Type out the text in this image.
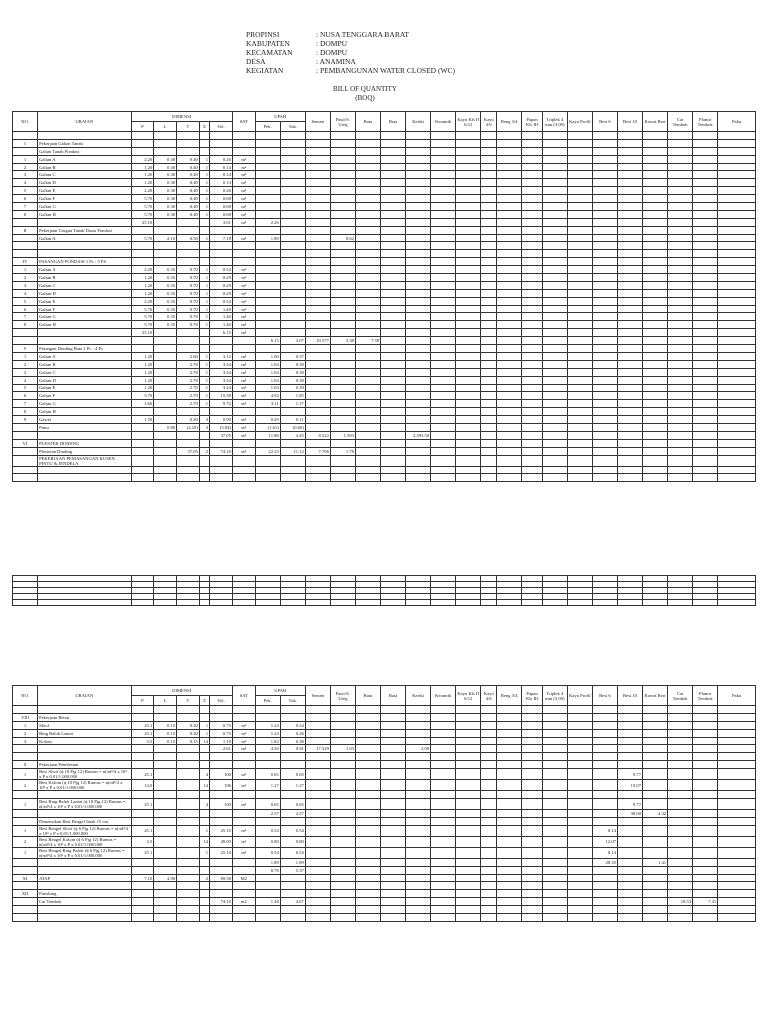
PROPINSI	: NUSA TENGGARA BARAT
KABUPATEN	: DOMPU
KECAMATAN	: DOMPU
DESA	: ANAMINA
KEGIATAN	: PEMBANGUNAN WATER CLOSED (WC)
BILL OF QUANTITY
(BOQ)
NO.	URAIAN	DIMENSI					SAT	UPAH		Semen	Pasir/S. Ureg	Batu	Bata	Keriki	Keramik	Kayu Kls II 6/12	Kayu 4/6	Reng 3/4	Papan Kls III	Triplek 4 mm (3.00)	Kayu Profil	Besi 6	Besi 10	Kawat Beri	Cat Tembok	Plamir Tembok	Paku
		P	L	T	Σ	Vol.		Pek.	Tuk.																		

I	Pekerjaan Galian Tanah																										
	Galian Tanah Pondasi																										
1	Galian A	2.20	0.30	0.40	1	0.26	m³																				
2	Galian B	1.20	0.30	0.40	1	0.14	m³																				
3	Galian C	1.20	0.30	0.40	1	0.14	m³																				
4	Galian D	1.20	0.30	0.40	1	0.14	m³																				
5	Galian E	2.20	0.30	0.40	1	0.26	m³																				
6	Galian F	5.70	0.30	0.40	1	0.68	m³																				
7	Galian G	5.70	0.30	0.40	1	0.68	m³																				
8	Galian H	5.70	0.30	0.40	1	0.68	m³																				
		25.10				3.01	m³	2.26																			
II	Pekerjaan Urugan Tanah Dasar Pondasi																										
	Galian A	5.70	2.10	0.50	1	7.18	m³	1.80			8.62																

IV	PASANGAN PONDASI 1 Pc : 5 PS																										
1	Galian A	2.20	0.35	0.70	1	0.54	m³																				
2	Galian B	1.20	0.35	0.70	1	0.29	m³																				
3	Galian C	1.20	0.35	0.70	1	0.29	m³																				
4	Galian D	1.20	0.35	0.70	1	0.29	m³																				
5	Galian E	2.20	0.35	0.70	1	0.54	m³																				
6	Galian F	5.70	0.35	0.70	1	1.40	m³																				
7	Galian G	5.70	0.35	0.70	1	1.40	m³																				
8	Galian H	5.70	0.35	0.70	1	1.40	m³																				
		25.10				6.15	m³																				
								6.15	3.07	10.577	3.38	7.38															
V	Pasangan Dinding Bata 1 Pc : 4 Ps																										
1	Galian A	1.20		2.60	1	3.12	m²	1.00	0.37																		
2	Galian B	1.20		2.70	1	3.24	m²	1.04	0.39																		
3	Galian C	1.20		2.70	1	3.24	m²	1.04	0.39																		
4	Galian D	1.20		2.70	1	3.24	m²	1.04	0.39																		
5	Galian E	1.20		2.70	1	3.24	m²	1.04	0.39																		
6	Galian F	5.70		2.70	1	15.39	m²	4.92	1.85																		
7	Galian G	3.60		2.70	1	9.72	m²	3.11	1.17																		
8	Galian H																										
9	Gawel	1.50		0.20	3	0.90	m²	0.29	0.11																		
	Pintu		0.80	(2.10)	3	(5.04)	m²	(1.61)	(0.60)																		
						37.05	m²	11.86	4.45	8.522	1.593			2,593.50													
VI	PLESTER DINDING																										
	Plesteran Dinding			37.05	2	74.10	m²	22.23	11.12	7.706	1.78																
	PEKERJAAN PEMASANGAN KUSEN PINTU & JENDELA																										

NO.	URAIAN	DIMENSI					SAT	UPAH		Semen	Pasir/S. Ureg	Batu	Bata	Keriki	Keramik	Kayu Kls II 6/12	Kayu 4/6	Reng 3/4	Papan Kls III	Triplek 4 mm (3.00)	Kayu Profil	Besi 6	Besi 10	Kawat Beri	Cat Tembok	Plamir Tembok	Paku
		P	L	T	Σ	Vol.		Pek.	Tuk.																		

VIII	Pekerjaan Beton																										
1	Sloof	25.1	0.15	0.20	1	0.75	m³	1.24	0.24																		
2	Ring Balok Lantai	25.1	0.15	0.20	1	0.75	m³	1.24	0.26																		
3	Kolom	3.5	0.15	0.15	14	1.10	m³	1.82	0.38																		
						2.61	m³	4.30	0.91	17.529	1.03			2.00													

X	Pekerjaan Pembesian																										
1	Besi Sloof (ϕ 10 Pjg 12) Rumus = n(πd²/4 x 10³ x P x 0.01/1.000.000	25.1			4	100	m¹	0.65	0.65														9.77				
2	Besi Kolom (ϕ 10 Pjg 12) Rumus = n(πd²/4 x 10³ x P x 0.01/1.000.000	14.0			14	196	m¹	1.27	1.27														19.07				

1	Besi Ring Balok Lantai (ϕ 10 Pjg 12) Rumus = n(πd²/4 x 10³ x P x 0.01/1.000.000	25.1			4	100	m¹	0.65	0.65														9.77				
								2.57	2.57														38.60	4.32			
	Dimensikan Besi Beugel Jarak 15 cm																										
1	Besi Beugel Sloof (ϕ 6 Pjg 12) Rumus = n(πd²/4 x 10³ x P x 0.01/1.000.000	25.1			1	25.10	m¹	0.54	0.54													8.14					
2	Besi Beugel Kolom (ϕ 6 Pjg 12) Rumus = n(πd²/4 x 10³ x P x 0.01/1.000.000	3.5			14	49.00	m¹	0.80	0.80													12.07					
1	Besi Beugel Ring Balok (ϕ 6 Pjg 12) Rumus = n(πd²/4 x 10³ x P x 0.01/1.000.000	25.1			1	25.10	m¹	0.54	0.54													8.14					
								1.89	1.89													28.35		1.41			
								8.76	5.37																		
XI	ATAP	7.10	4.90		2	69.58	M2																				

XII	Finishing																										
	Cat Tembok					74.10	m2	1.48	4.67																18.53	7.41	
